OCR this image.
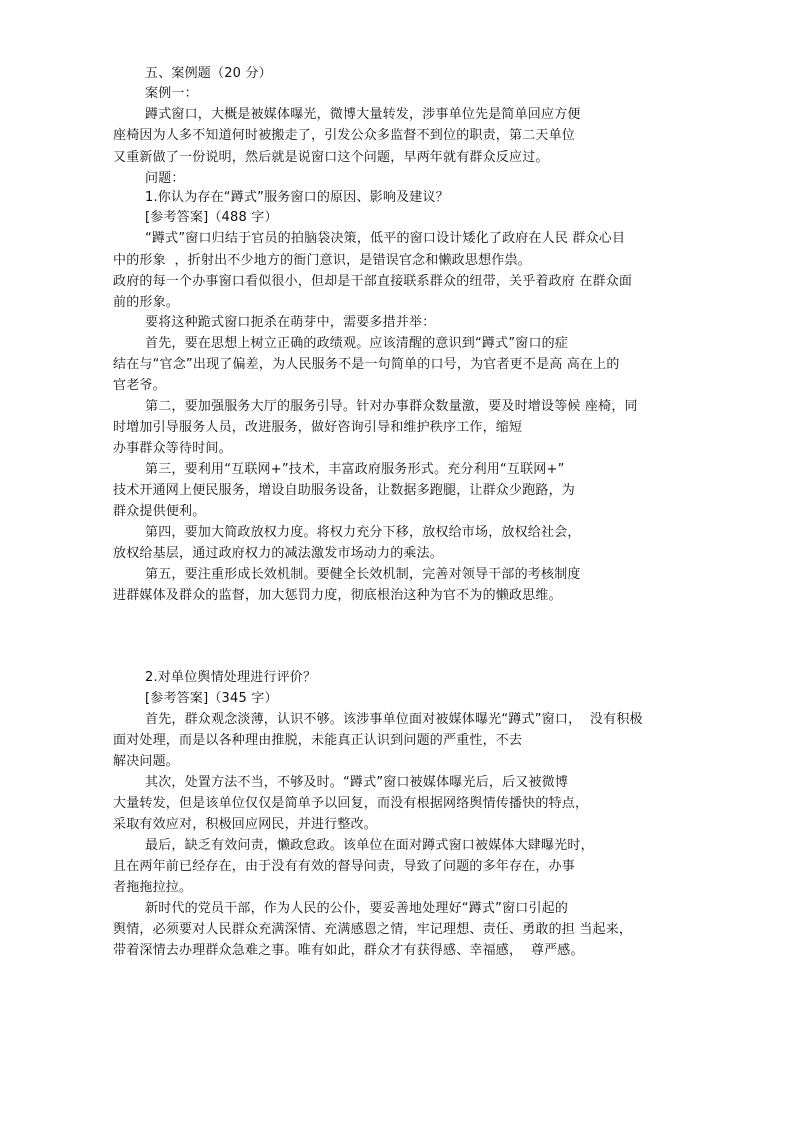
五、案例题（20 分）
案例一：
蹲式窗口，大概是被媒体曝光，微博大量转发，涉事单位先是简单回应方便
座椅因为人多不知道何时被搬走了，引发公众多监督不到位的职责，第二天单位
又重新做了一份说明，然后就是说窗口这个问题，早两年就有群众反应过。
问题：
1.你认为存在“蹲式”服务窗口的原因、影响及建议？
[参考答案]（488 字）
“蹲式”窗口归结于官员的拍脑袋决策，低平的窗口设计矮化了政府在人民 群众心目
中的形象  ，折射出不少地方的衙门意识，是错误官念和懒政思想作祟。
政府的每一个办事窗口看似很小，但却是干部直接联系群众的纽带，关乎着政府 在群众面
前的形象。
要将这种跪式窗口扼杀在萌芽中，需要多措并举：
首先，要在思想上树立正确的政绩观。应该清醒的意识到“蹲式”窗口的症
结在与“官念”出现了偏差，为人民服务不是一句简单的口号，为官者更不是高 高在上的
官老爷。
第二，要加强服务大厅的服务引导。针对办事群众数量激，要及时增设等候 座椅，同
时增加引导服务人员，改进服务，做好咨询引导和维护秩序工作，缩短
办事群众等待时间。
第三，要利用“互联网+”技术，丰富政府服务形式。充分利用“互联网+”
技术开通网上便民服务，增设自助服务设备，让数据多跑腿，让群众少跑路，为
群众提供便利。
第四，要加大简政放权力度。将权力充分下移，放权给市场，放权给社会，
放权给基层，通过政府权力的减法激发市场动力的乘法。
第五，要注重形成长效机制。要健全长效机制，完善对领导干部的考核制度
进群媒体及群众的监督，加大惩罚力度，彻底根治这种为官不为的懒政思维。
2.对单位舆情处理进行评价？
[参考答案]（345 字）
首先，群众观念淡薄，认识不够。该涉事单位面对被媒体曝光“蹲式”窗口，  没有积极
面对处理，而是以各种理由推脱，未能真正认识到问题的严重性，不去
解决问题。
其次，处置方法不当，不够及时。“蹲式”窗口被媒体曝光后，后又被微博
大量转发，但是该单位仅仅是简单予以回复，而没有根据网络舆情传播快的特点，
采取有效应对，积极回应网民，并进行整改。
最后，缺乏有效问责，懒政怠政。该单位在面对蹲式窗口被媒体大肆曝光时，
且在两年前已经存在，由于没有有效的督导问责，导致了问题的多年存在，办事
者拖拖拉拉。
新时代的党员干部，作为人民的公仆，要妥善地处理好“蹲式”窗口引起的
舆情，必须要对人民群众充满深情、充满感恩之情，牢记理想、责任、勇敢的担 当起来，
带着深情去办理群众急难之事。唯有如此，群众才有获得感、幸福感，  尊严感。
